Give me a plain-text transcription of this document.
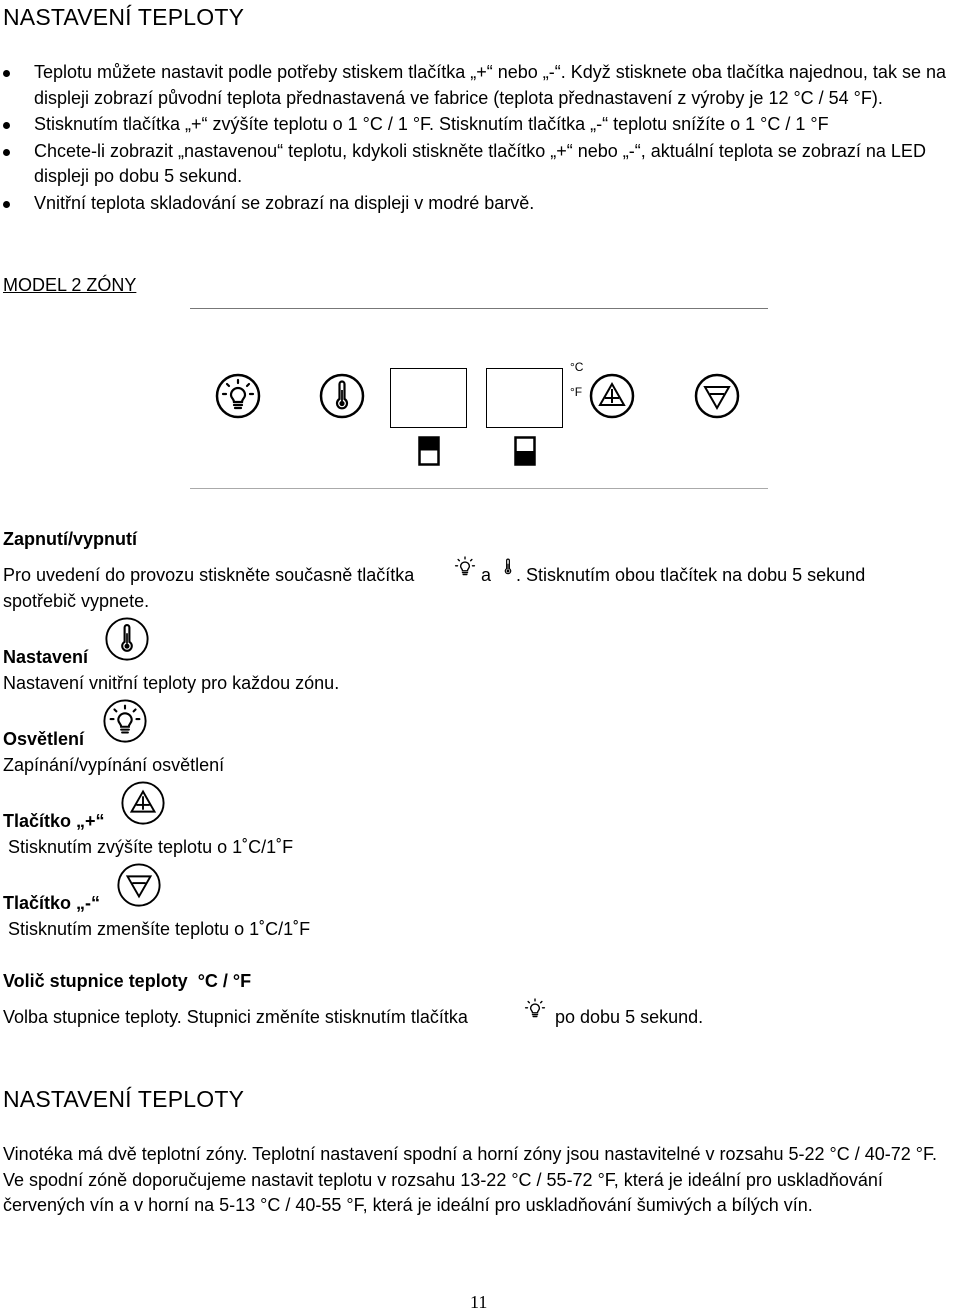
NASTAVENÍ TEPLOTY
Teplotu můžete nastavit podle potřeby stiskem tlačítka „+“ nebo „-“. Když stisknete oba tlačítka najednou, tak se na displeji zobrazí původní teplota přednastavená ve fabrice (teplota přednastavení z výroby je 12 °C / 54 °F).
Stisknutím tlačítka „+“ zvýšíte teplotu o 1 °C / 1 °F. Stisknutím tlačítka „-“ teplotu snížíte o 1 °C / 1 °F
Chcete-li zobrazit „nastavenou“ teplotu, kdykoli stiskněte tlačítko „+“ nebo „-“, aktuální teplota se zobrazí na LED displeji po dobu 5 sekund.
Vnitřní teplota skladování se zobrazí na displeji v modré barvě.
MODEL 2 ZÓNY
°C
°F
Zapnutí/vypnutí
Pro uvedení do provozu stiskněte současně tlačítka	a . Stisknutím obou tlačítek na dobu 5 sekund
spotřebič vypnete.
Nastavení
Nastavení vnitřní teploty pro každou zónu.
Osvětlení
Zapínání/vypínání osvětlení
Tlačítko „+“
Stisknutím zvýšíte teplotu o 1˚C/1˚F
Tlačítko „-“
Stisknutím zmenšíte teplotu o 1˚C/1˚F
Volič stupnice teploty  °C / °F
Volba stupnice teploty. Stupnici změníte stisknutím tlačítka	po dobu 5 sekund.
NASTAVENÍ TEPLOTY
Vinotéka má dvě teplotní zóny. Teplotní nastavení spodní a horní zóny jsou nastavitelné v rozsahu 5-22 °C / 40-72 °F. Ve spodní zóně doporučujeme nastavit teplotu v rozsahu 13-22 °C / 55-72 °F, která je ideální pro uskladňování červených vín a v horní na 5-13 °C / 40-55 °F, která je ideální pro uskladňování šumivých a bílých vín.
11
